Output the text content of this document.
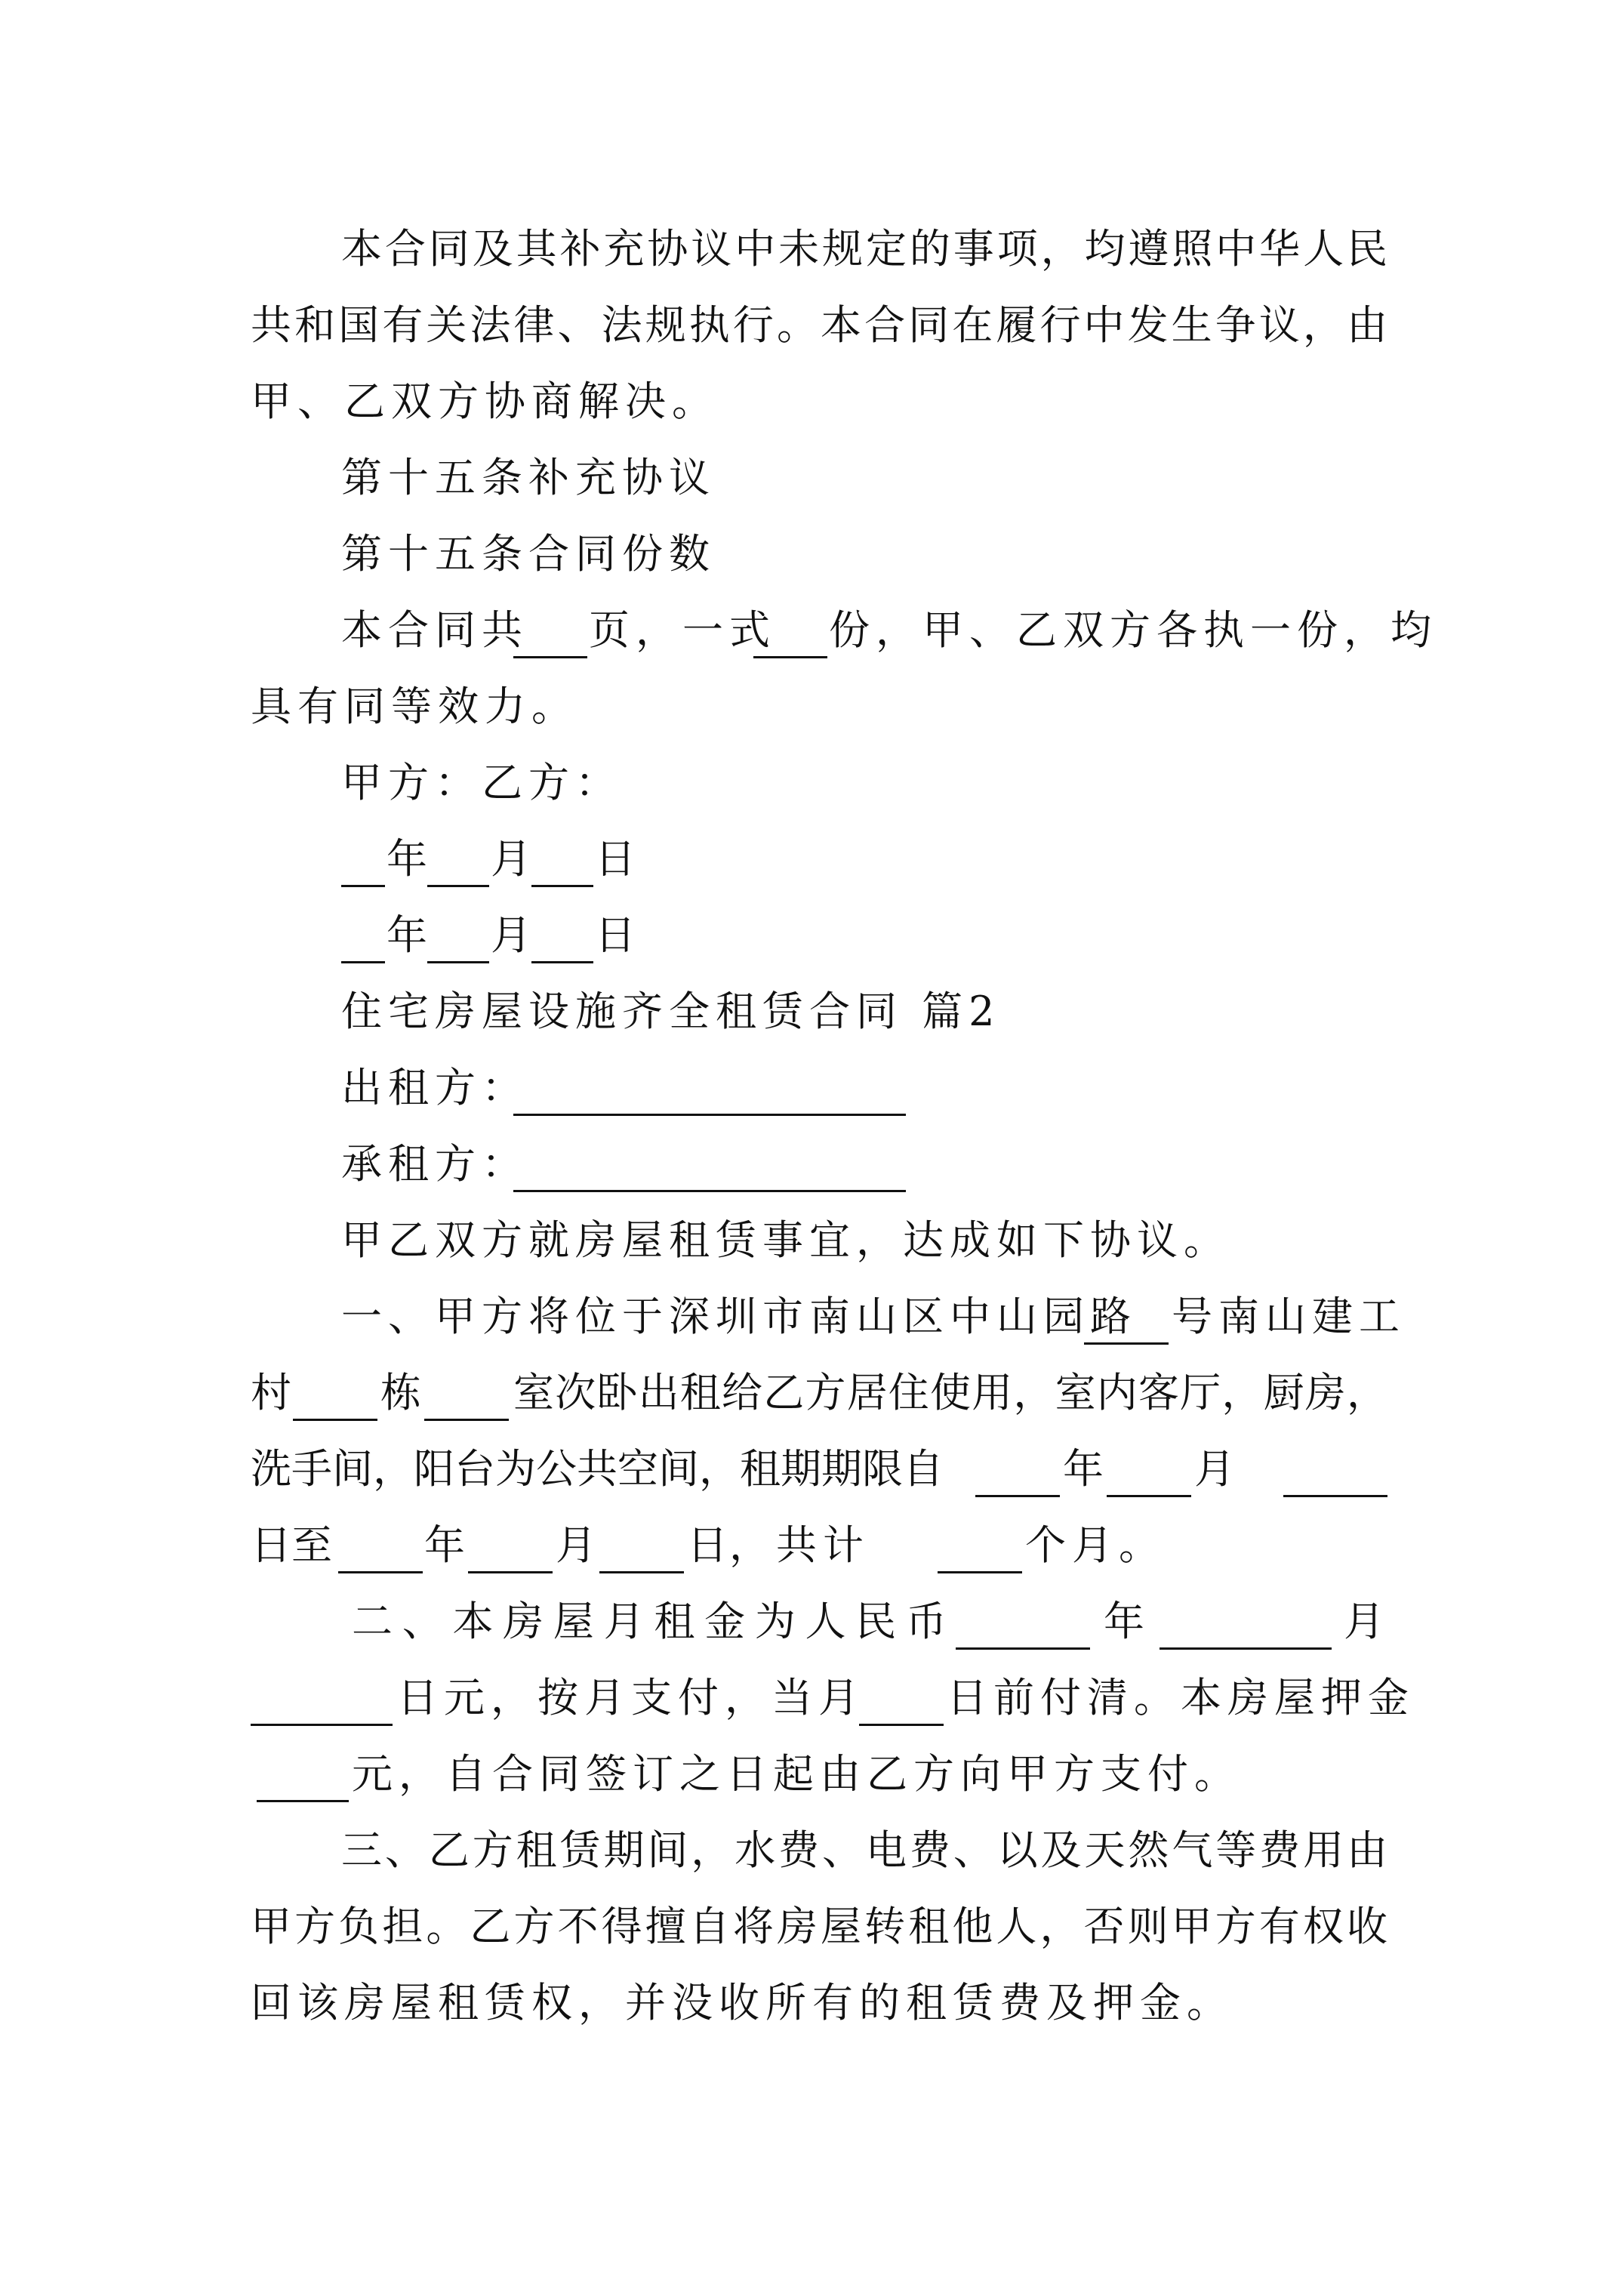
本合同及其补充协议中未规定的事项，均遵照中华人民
共和国有关法律、法规执行。本合同在履行中发生争议，由
甲、乙双方协商解决。
第十五条补充协议
第十五条合同份数
本合同共 页，一式 份，甲、乙双方各执一份，均
具有同等效力。
甲方：乙方：
年 月 日
年 月 日
住宅房屋设施齐全租赁合同 篇2
出租方：
承租方：
甲乙双方就房屋租赁事宜，达成如下协议。
一、甲方将位于深圳市南山区中山园路 号南山建工
村 栋 室次卧出租给乙方居住使用，室内客厅，厨房，
洗手间，阳台为公共空间，租期期限自	年 月
日至 年 月 日 ，共计	个月。
二、本房屋月租金为人民币	年	月
日元，按月支付，当月 日前付清。本房屋押金
元，自合同签订之日起由乙方向甲方支付。
三、乙方租赁期间，水费、电费、以及天然气等费用由
甲方负担。乙方不得擅自将房屋转租他人，否则甲方有权收
回该房屋租赁权，并没收所有的租赁费及押金。
